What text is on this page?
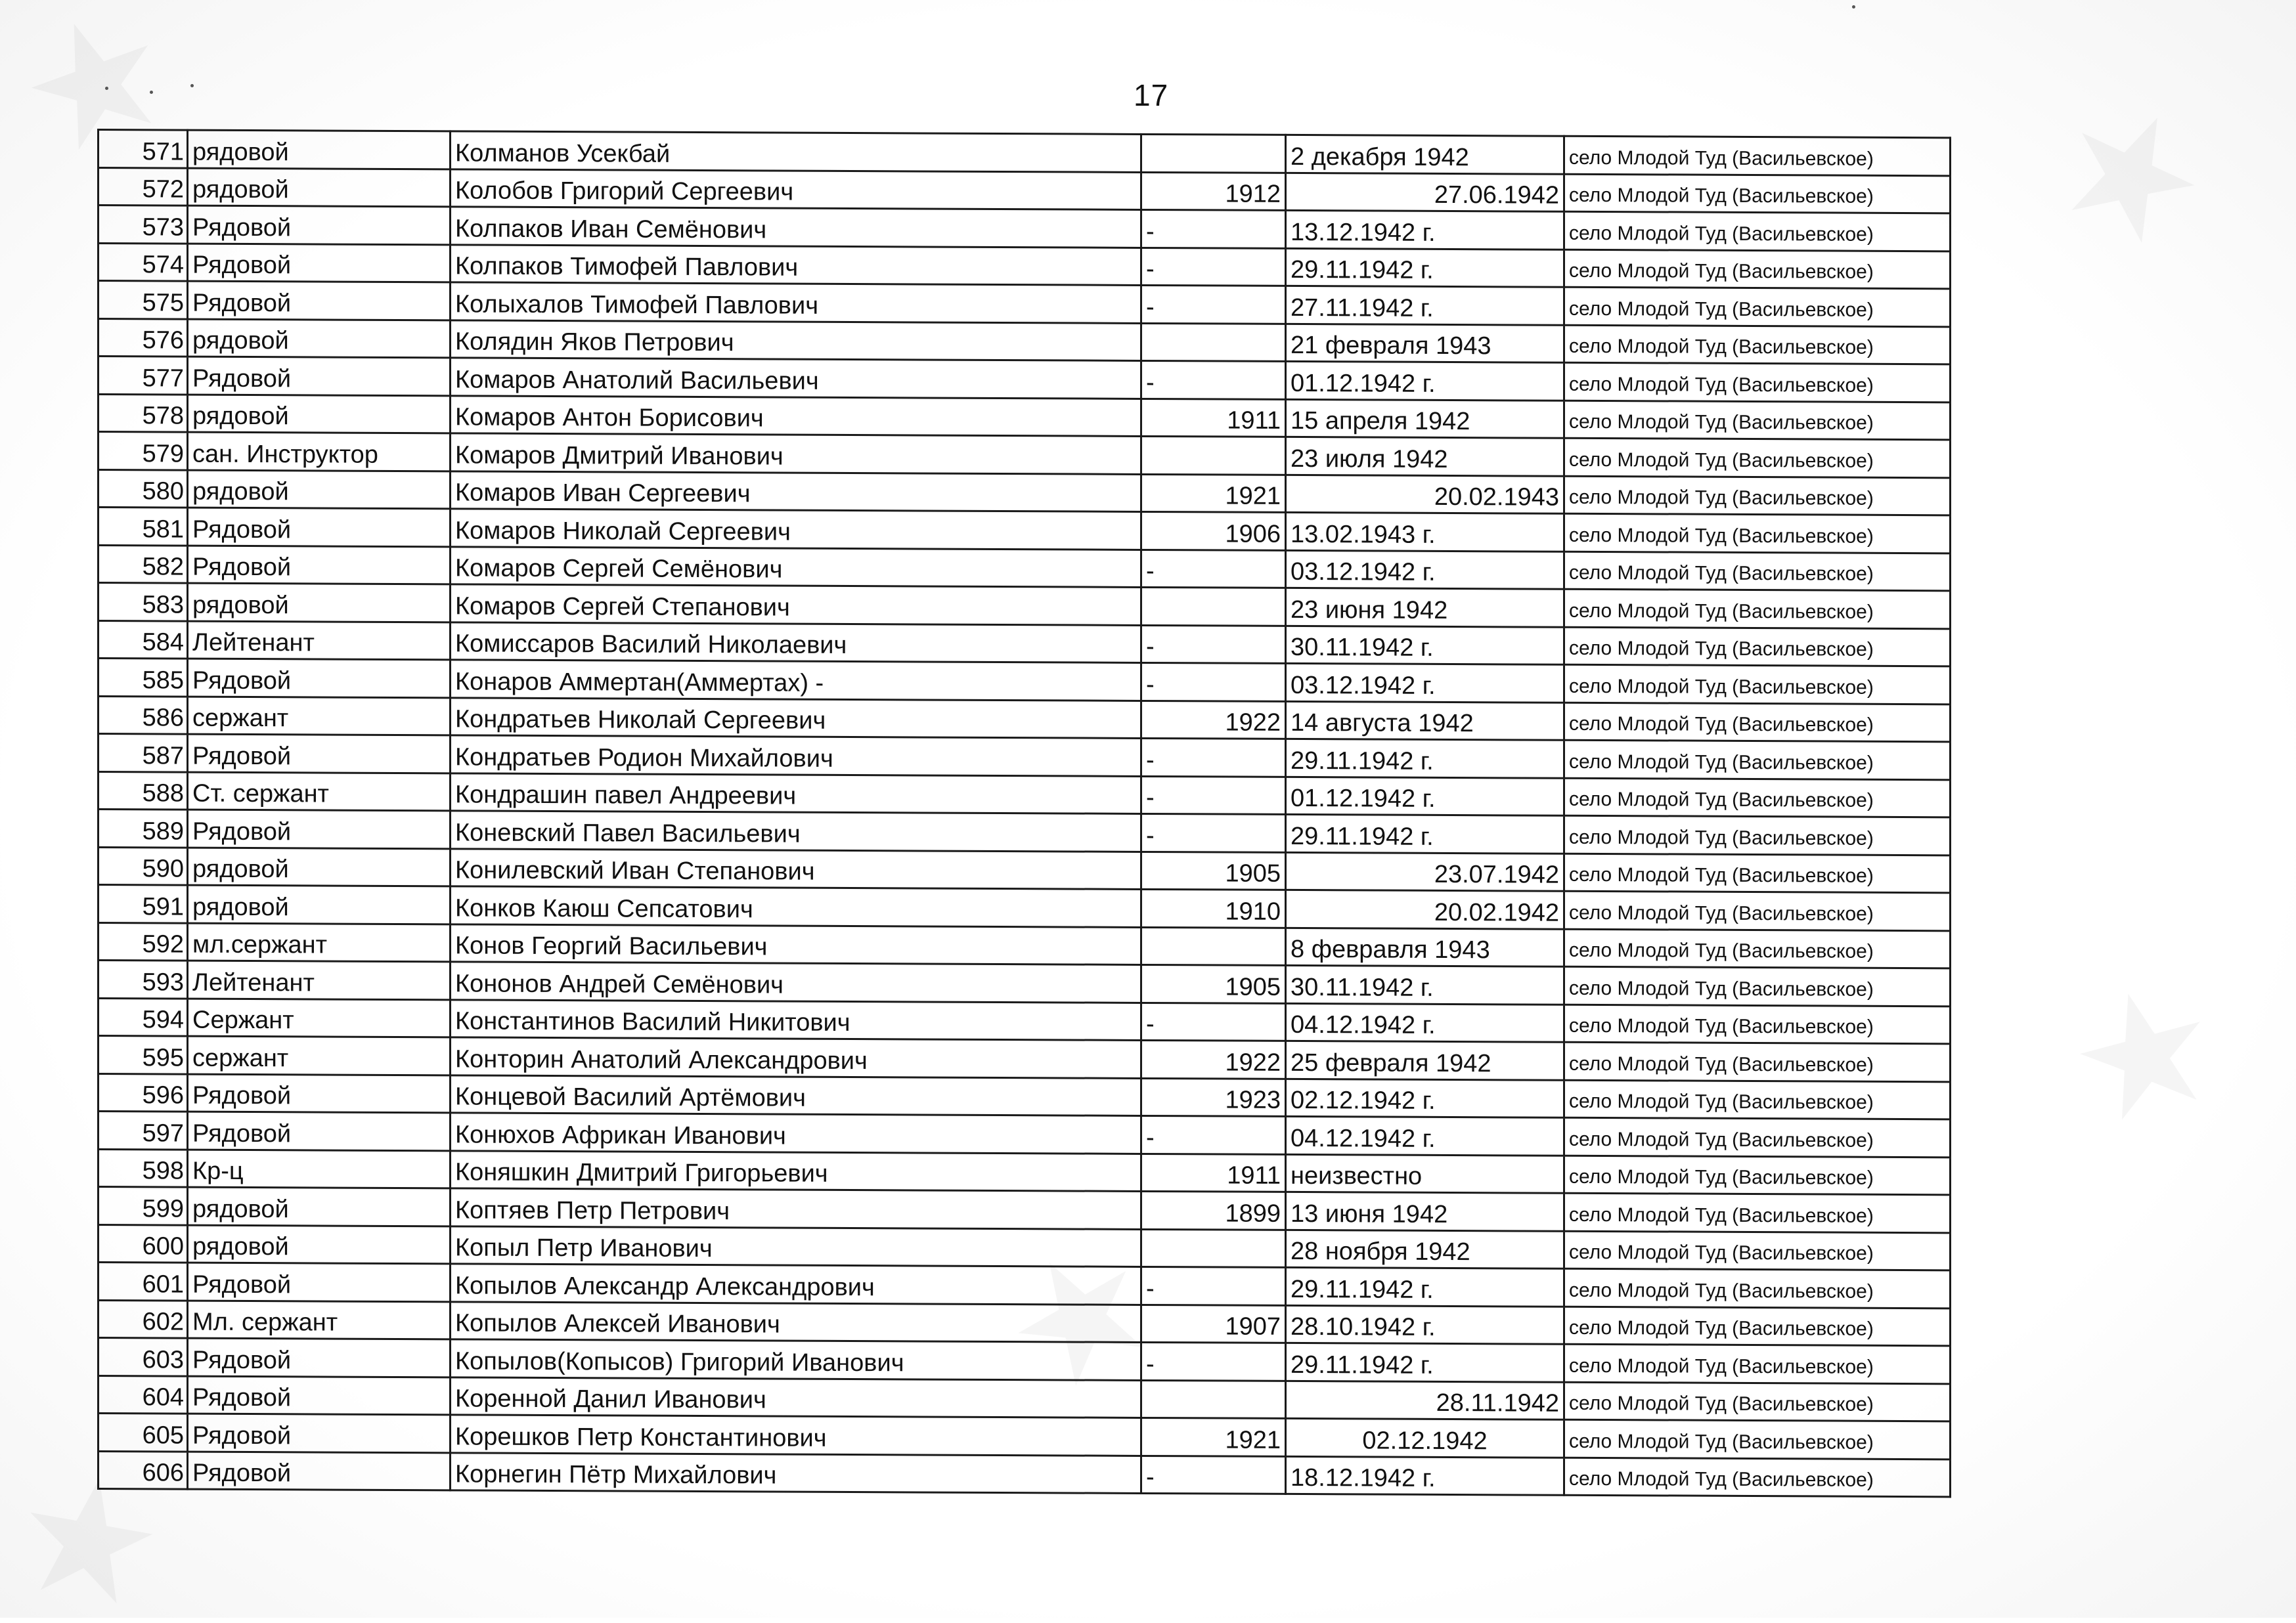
17
571	рядовой	Колманов Усекбай		2 декабря 1942	село Млодой Туд (Васильевское)
572	рядовой	Колобов Григорий Сергеевич	1912	27.06.1942	село Млодой Туд (Васильевское)
573	Рядовой	Колпаков Иван Семёнович	-	13.12.1942 г.	село Млодой Туд (Васильевское)
574	Рядовой	Колпаков Тимофей Павлович	-	29.11.1942 г.	село Млодой Туд (Васильевское)
575	Рядовой	Колыхалов Тимофей Павлович	-	27.11.1942 г.	село Млодой Туд (Васильевское)
576	рядовой	Колядин Яков Петрович		21 февраля 1943	село Млодой Туд (Васильевское)
577	Рядовой	Комаров Анатолий Васильевич	-	01.12.1942 г.	село Млодой Туд (Васильевское)
578	рядовой	Комаров Антон Борисович	1911	15 апреля 1942	село Млодой Туд (Васильевское)
579	сан. Инструктор	Комаров Дмитрий Иванович		23 июля 1942	село Млодой Туд (Васильевское)
580	рядовой	Комаров Иван Сергеевич	1921	20.02.1943	село Млодой Туд (Васильевское)
581	Рядовой	Комаров Николай Сергеевич	1906	13.02.1943 г.	село Млодой Туд (Васильевское)
582	Рядовой	Комаров Сергей Семёнович	-	03.12.1942 г.	село Млодой Туд (Васильевское)
583	рядовой	Комаров Сергей Степанович		23 июня 1942	село Млодой Туд (Васильевское)
584	Лейтенант	Комиссаров Василий Николаевич	-	30.11.1942 г.	село Млодой Туд (Васильевское)
585	Рядовой	Конаров Аммертан(Аммертах) -	-	03.12.1942 г.	село Млодой Туд (Васильевское)
586	сержант	Кондратьев Николай Сергеевич	1922	14 августа 1942	село Млодой Туд (Васильевское)
587	Рядовой	Кондратьев Родион Михайлович	-	29.11.1942 г.	село Млодой Туд (Васильевское)
588	Ст. сержант	Кондрашин павел Андреевич	-	01.12.1942 г.	село Млодой Туд (Васильевское)
589	Рядовой	Коневский Павел Васильевич	-	29.11.1942 г.	село Млодой Туд (Васильевское)
590	рядовой	Конилевский Иван Степанович	1905	23.07.1942	село Млодой Туд (Васильевское)
591	рядовой	Конков Каюш Сепсатович	1910	20.02.1942	село Млодой Туд (Васильевское)
592	мл.сержант	Конов Георгий Васильевич		8 февравля 1943	село Млодой Туд (Васильевское)
593	Лейтенант	Кононов Андрей Семёнович	1905	30.11.1942 г.	село Млодой Туд (Васильевское)
594	Сержант	Константинов Василий Никитович	-	04.12.1942 г.	село Млодой Туд (Васильевское)
595	сержант	Конторин Анатолий Александрович	1922	25 февраля 1942	село Млодой Туд (Васильевское)
596	Рядовой	Концевой Василий Артёмович	1923	02.12.1942 г.	село Млодой Туд (Васильевское)
597	Рядовой	Конюхов Африкан Иванович	-	04.12.1942 г.	село Млодой Туд (Васильевское)
598	Кр-ц	Коняшкин Дмитрий Григорьевич	1911	неизвестно	село Млодой Туд (Васильевское)
599	рядовой	Коптяев Петр Петрович	1899	13 июня 1942	село Млодой Туд (Васильевское)
600	рядовой	Копыл Петр Иванович		28 ноября 1942	село Млодой Туд (Васильевское)
601	Рядовой	Копылов Александр Александрович	-	29.11.1942 г.	село Млодой Туд (Васильевское)
602	Мл. сержант	Копылов Алексей Иванович	1907	28.10.1942 г.	село Млодой Туд (Васильевское)
603	Рядовой	Копылов(Копысов) Григорий Иванович	-	29.11.1942 г.	село Млодой Туд (Васильевское)
604	Рядовой	Коренной Данил Иванович		28.11.1942	село Млодой Туд (Васильевское)
605	Рядовой	Корешков Петр Константинович	1921	02.12.1942	село Млодой Туд (Васильевское)
606	Рядовой	Корнегин Пётр Михайлович	-	18.12.1942 г.	село Млодой Туд (Васильевское)
